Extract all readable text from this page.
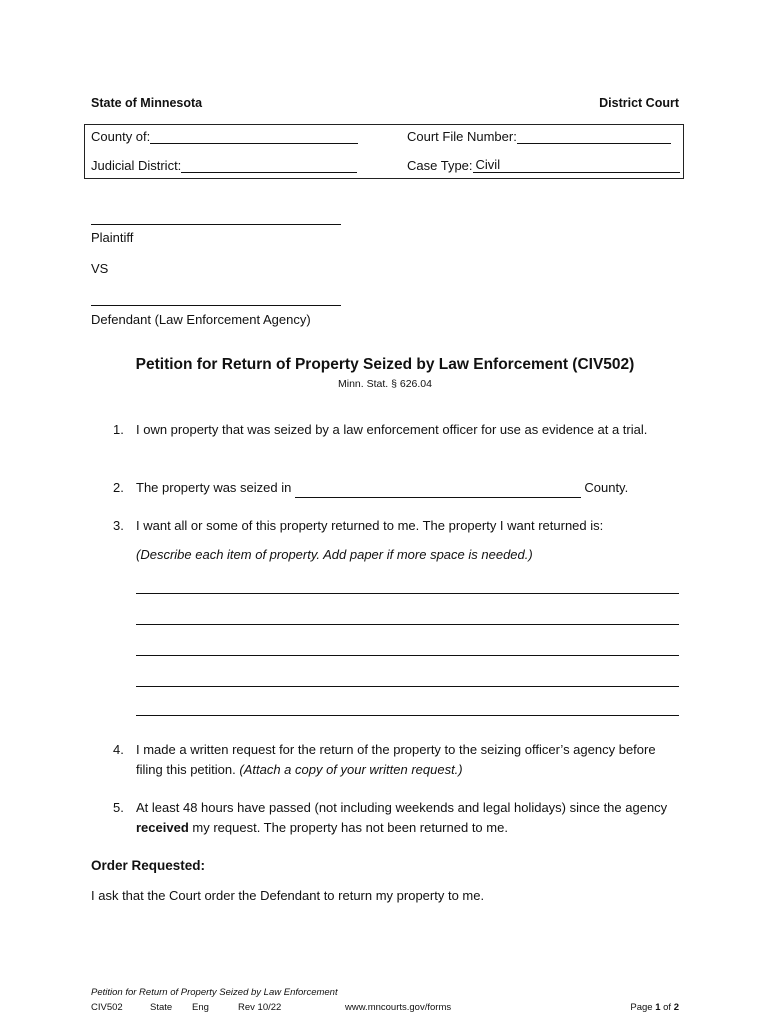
State of Minnesota	District Court
County of:	Court File Number:
Judicial District:	Case Type: Civil
Plaintiff
VS
Defendant (Law Enforcement Agency)
Petition for Return of Property Seized by Law Enforcement (CIV502)
Minn. Stat. § 626.04
1. I own property that was seized by a law enforcement officer for use as evidence at a trial.
2. The property was seized in	County.
3. I want all or some of this property returned to me. The property I want returned is:
(Describe each item of property. Add paper if more space is needed.)
4. I made a written request for the return of the property to the seizing officer’s agency before filing this petition. (Attach a copy of your written request.)
5. At least 48 hours have passed (not including weekends and legal holidays) since the agency received my request. The property has not been returned to me.
Order Requested:
I ask that the Court order the Defendant to return my property to me.
Petition for Return of Property Seized by Law Enforcement
CIV502	State Eng	Rev 10/22	www.mncourts.gov/forms	Page 1 of 2
